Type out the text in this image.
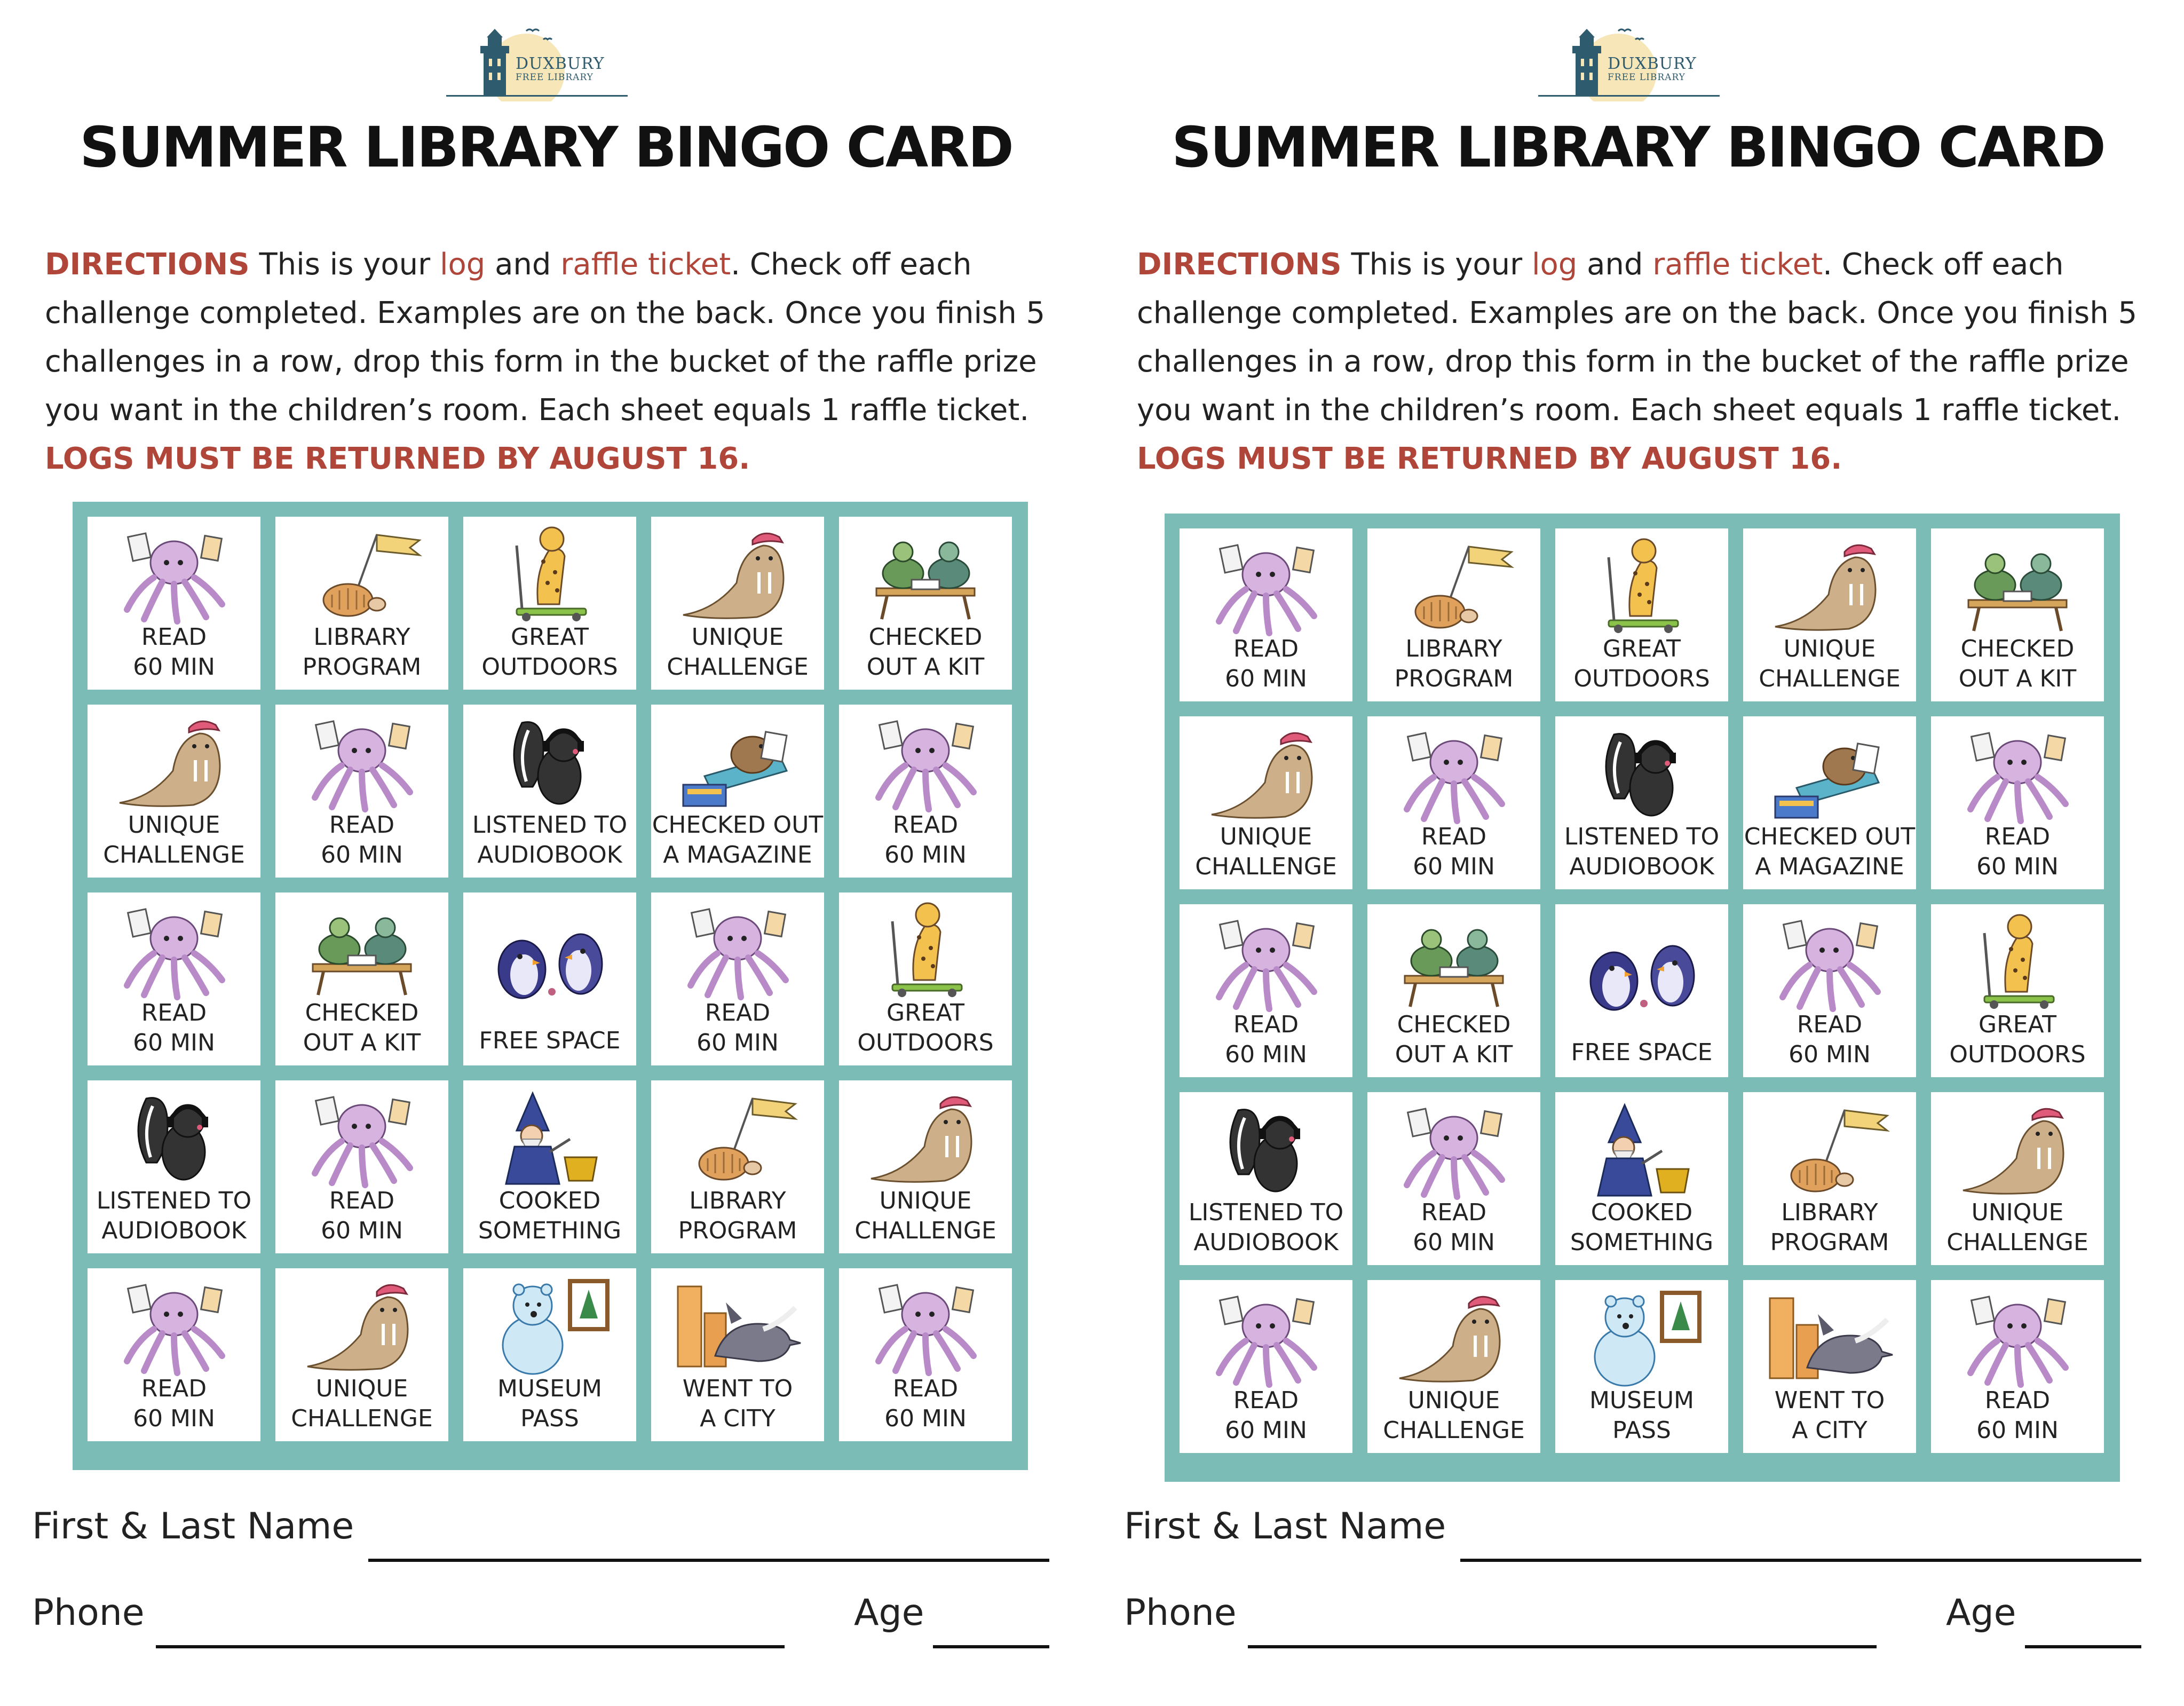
DUXBURY
FREE LIBRARY
SUMMER LIBRARY BINGO CARD
DIRECTIONS This is your log and raffle ticket. Check off each
challenge completed. Examples are on the back. Once you finish 5
challenges in a row, drop this form in the bucket of the raffle prize
you want in the children’s room. Each sheet equals 1 raffle ticket.
LOGS MUST BE RETURNED BY AUGUST 16.
READ
60 MIN
LIBRARY
PROGRAM
GREAT
OUTDOORS
UNIQUE
CHALLENGE
CHECKED
OUT A KIT
UNIQUE
CHALLENGE
READ
60 MIN
LISTENED TO
AUDIOBOOK
CHECKED OUT
A MAGAZINE
READ
60 MIN
READ
60 MIN
CHECKED
OUT A KIT	FREE SPACE
READ
60 MIN
GREAT
OUTDOORS
LISTENED TO
AUDIOBOOK
READ
60 MIN
COOKED
SOMETHING
LIBRARY
PROGRAM
UNIQUE
CHALLENGE
READ
60 MIN
UNIQUE
CHALLENGE
MUSEUM
PASS
WENT TO
A CITY
READ
60 MIN
First & Last Name
Phone	Age
DUXBURY
FREE LIBRARY
SUMMER LIBRARY BINGO CARD
DIRECTIONS This is your log and raffle ticket. Check off each
challenge completed. Examples are on the back. Once you finish 5
challenges in a row, drop this form in the bucket of the raffle prize
you want in the children’s room. Each sheet equals 1 raffle ticket.
LOGS MUST BE RETURNED BY AUGUST 16.
READ
60 MIN
LIBRARY
PROGRAM
GREAT
OUTDOORS
UNIQUE
CHALLENGE
CHECKED
OUT A KIT
UNIQUE
CHALLENGE
READ
60 MIN
LISTENED TO
AUDIOBOOK
CHECKED OUT
A MAGAZINE
READ
60 MIN
READ
60 MIN
CHECKED
OUT A KIT	FREE SPACE
READ
60 MIN
GREAT
OUTDOORS
LISTENED TO
AUDIOBOOK
READ
60 MIN
COOKED
SOMETHING
LIBRARY
PROGRAM
UNIQUE
CHALLENGE
READ
60 MIN
UNIQUE
CHALLENGE
MUSEUM
PASS
WENT TO
A CITY
READ
60 MIN
First & Last Name
Phone	Age
